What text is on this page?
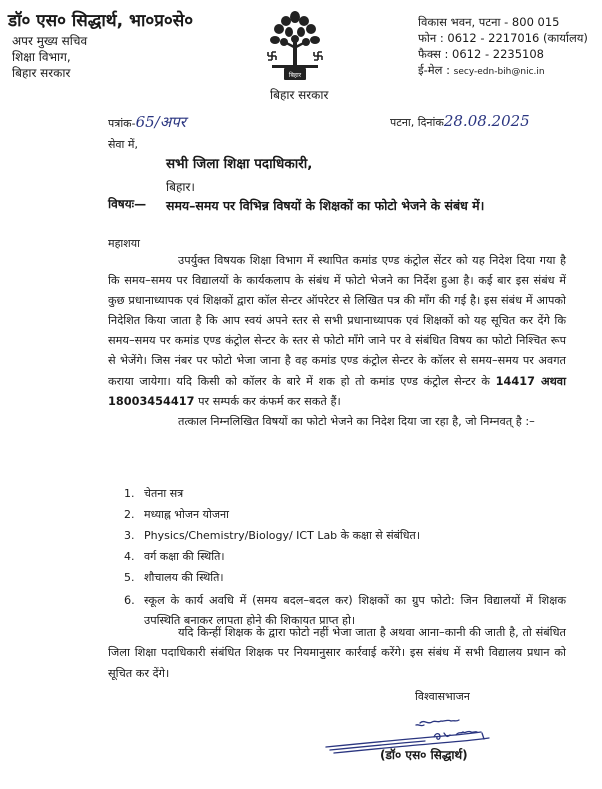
डॉ० एस० सिद्धार्थ, भा०प्र०से०
अपर मुख्य सचिव
शिक्षा विभाग,
बिहार सरकार	बिहार
बिहार सरकार
विकास भवन, पटना - 800 015
फोन : 0612 - 2217016 (कार्यालय)
फैक्स : 0612 - 2235108
ई-मेल : secy-edn-bih@nic.in
पत्रांक-65/अपर	पटना, दिनांक28.08.2025
सेवा में,
सभी जिला शिक्षा पदाधिकारी,
बिहार।
विषयः— समय–समय पर विभिन्न विषयों के शिक्षकों का फोटो भेजने के संबंध में।
महाशया

उपर्युक्त विषयक शिक्षा विभाग में स्थापित कमांड एण्ड कंट्रोल सेंटर को यह निदेश दिया गया है कि समय–समय पर विद्यालयों के कार्यकलाप के संबंध में फोटो भेजने का निर्देश हुआ है। कई बार इस संबंध में कुछ प्रधानाध्यापक एवं शिक्षकों द्वारा कॉल सेन्टर ऑपरेटर से लिखित पत्र की मॉंग की गई है। इस संबंध में आपको निदेशित किया जाता है कि आप स्वयं अपने स्तर से सभी प्रधानाध्यापक एवं शिक्षकों को यह सूचित कर देंगे कि समय–समय पर कमांड एण्ड कंट्रोल सेन्टर के स्तर से फोटो मॉंगे जाने पर वे संबंधित विषय का फोटो निश्चित रूप से भेजेंगे। जिस नंबर पर फोटो भेजा जाना है वह कमांड एण्ड कंट्रोल सेन्टर के कॉलर से समय–समय पर अवगत कराया जायेगा। यदि किसी को कॉलर के बारे में शक हो तो कमांड एण्ड कंट्रोल सेन्टर के 14417 अथवा 18003454417 पर सम्पर्क कर कंफर्म कर सकते हैं।

तत्काल निम्नलिखित विषयों का फोटो भेजने का निदेश दिया जा रहा है, जो निम्नवत् है :–

1. चेतना सत्र
2. मध्याह्न भोजन योजना
3. Physics/Chemistry/Biology/ ICT Lab के कक्षा से संबंधित।
4. वर्ग कक्षा की स्थिति।
5. शौचालय की स्थिति।
6. स्कूल के कार्य अवधि में (समय बदल–बदल कर) शिक्षकों का ग्रुप फोटो: जिन विद्यालयों में शिक्षक उपस्थिति बनाकर लापता होने की शिकायत प्राप्त हो।

यदि किन्हीं शिक्षक के द्वारा फोटो नहीं भेजा जाता है अथवा आना–कानी की जाती है, तो संबंधित जिला शिक्षा पदाधिकारी संबंधित शिक्षक पर नियमानुसार कार्रवाई करेंगे। इस संबंध में सभी विद्यालय प्रधान को सूचित कर देंगे।

विश्वासभाजन
(डॉ० एस० सिद्धार्थ)
